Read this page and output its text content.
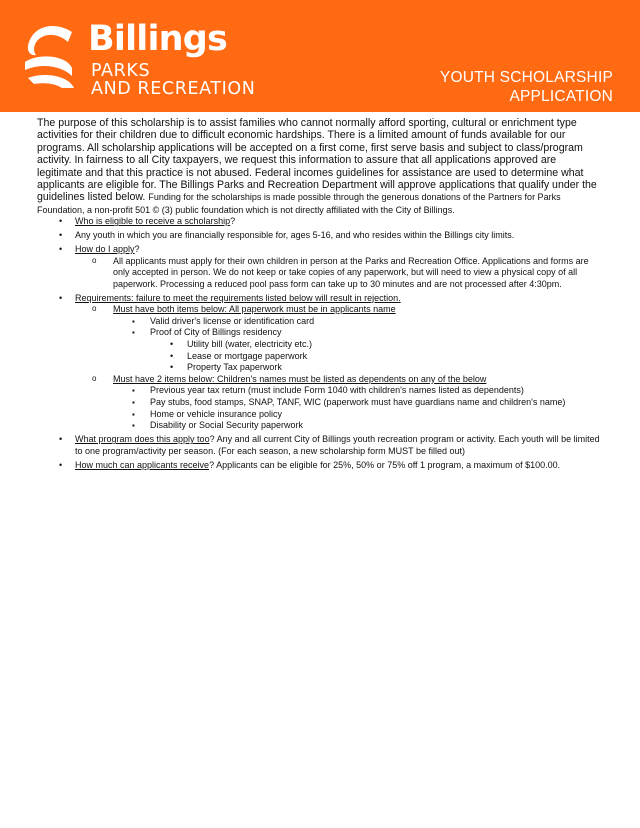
Billings
PARKS
AND RECREATION
YOUTH SCHOLARSHIP
APPLICATION

The purpose of this scholarship is to assist families who cannot normally afford sporting, cultural or enrichment type activities for their children due to difficult economic hardships. There is a limited amount of funds available for our programs. All scholarship applications will be accepted on a first come, first serve basis and subject to class/program activity. In fairness to all City taxpayers, we request this information to assure that all applications approved are legitimate and that this practice is not abused. Federal incomes guidelines for assistance are used to determine what applicants are eligible for. The Billings Parks and Recreation Department will approve applications that qualify under the guidelines listed below. Funding for the scholarships is made possible through the generous donations of the Partners for Parks Foundation, a non-profit 501 © (3) public foundation which is not directly affiliated with the City of Billings.

• Who is eligible to receive a scholarship?
• Any youth in which you are financially responsible for, ages 5-16, and who resides within the Billings city limits.
• How do I apply?
o All applicants must apply for their own children in person at the Parks and Recreation Office. Applications and forms are only accepted in person. We do not keep or take copies of any paperwork, but will need to view a physical copy of all paperwork. Processing a reduced pool pass form can take up to 30 minutes and are not processed after 4:30pm.
• Requirements: failure to meet the requirements listed below will result in rejection.
o Must have both items below: All paperwork must be in applicants name
▪ Valid driver's license or identification card
▪ Proof of City of Billings residency
• Utility bill (water, electricity etc.)
• Lease or mortgage paperwork
• Property Tax paperwork
o Must have 2 items below: Children's names must be listed as dependents on any of the below
▪ Previous year tax return (must include Form 1040 with children's names listed as dependents)
▪ Pay stubs, food stamps, SNAP, TANF, WIC (paperwork must have guardians name and children's name)
▪ Home or vehicle insurance policy
▪ Disability or Social Security paperwork
• What program does this apply too? Any and all current City of Billings youth recreation program or activity. Each youth will be limited to one program/activity per season. (For each season, a new scholarship form MUST be filled out)
• How much can applicants receive? Applicants can be eligible for 25%, 50% or 75% off 1 program, a maximum of $100.00.
